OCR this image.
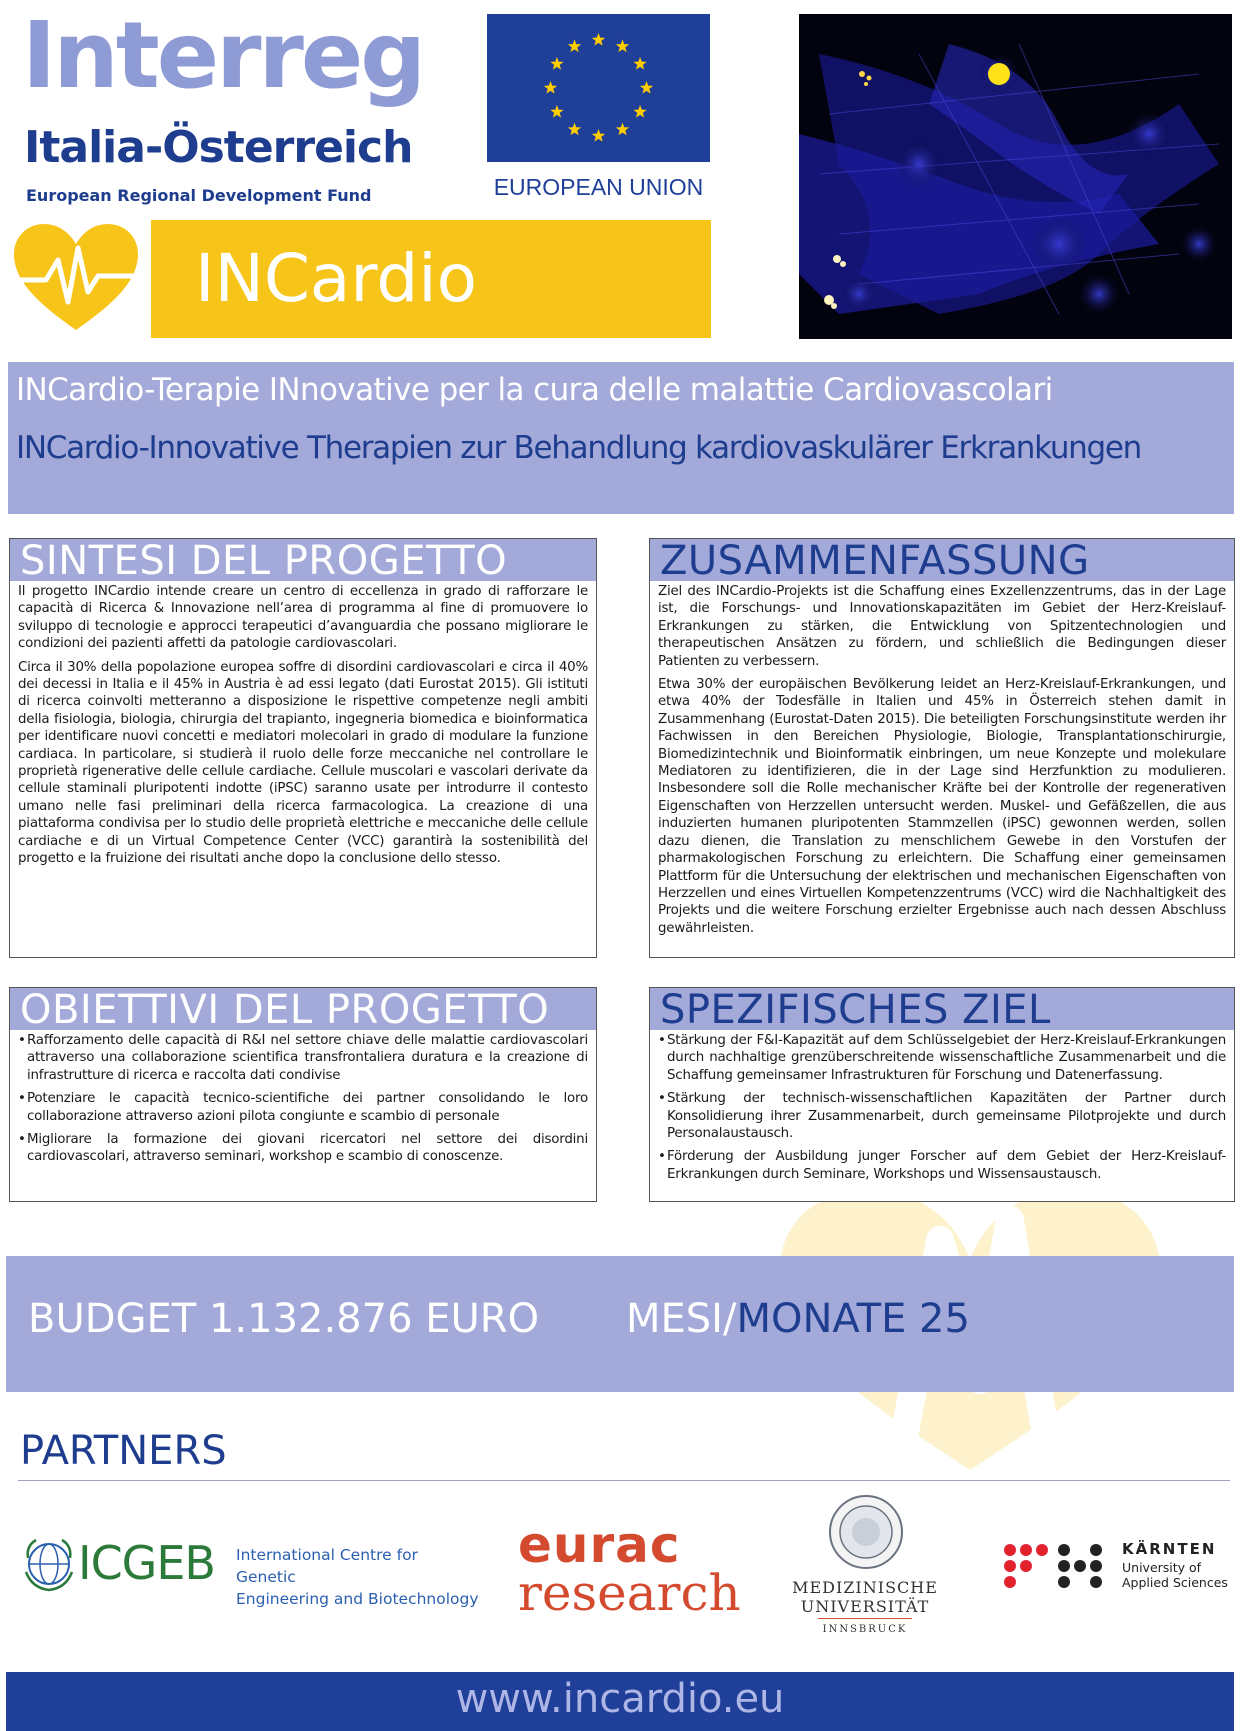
Interreg
Italia-Österreich
European Regional Development Fund	EUROPEAN UNION
INCardio
INCardio-Terapie INnovative per la cura delle malattie Cardiovascolari
INCardio-Innovative Therapien zur Behandlung kardiovaskulärer Erkrankungen
SINTESI DEL PROGETTO

Il progetto INCardio intende creare un centro di eccellenza in grado di rafforzare le capacità di Ricerca & Innovazione nell’area di programma al fine di promuovere lo sviluppo di tecnologie e approcci terapeutici d’avanguardia che possano migliorare le condizioni dei pazienti affetti da patologie cardiovascolari.

Circa il 30% della popolazione europea soffre di disordini cardiovascolari e circa il 40% dei decessi in Italia e il 45% in Austria è ad essi legato (dati Eurostat 2015). Gli istituti di ricerca coinvolti metteranno a disposizione le rispettive competenze negli ambiti della fisiologia, biologia, chirurgia del trapianto, ingegneria biomedica e bioinformatica per identificare nuovi concetti e mediatori molecolari in grado di modulare la funzione cardiaca. In particolare, si studierà il ruolo delle forze meccaniche nel controllare le proprietà rigenerative delle cellule cardiache. Cellule muscolari e vascolari derivate da cellule staminali pluripotenti indotte (iPSC) saranno usate per introdurre il contesto umano nelle fasi preliminari della ricerca farmacologica. La creazione di una piattaforma condivisa per lo studio delle proprietà elettriche e meccaniche delle cellule cardiache e di un Virtual Competence Center (VCC) garantirà la sostenibilità del progetto e la fruizione dei risultati anche dopo la conclusione dello stesso.

ZUSAMMENFASSUNG

Ziel des INCardio-Projekts ist die Schaffung eines Exzellenzzentrums, das in der Lage ist, die Forschungs- und Innovationskapazitäten im Gebiet der Herz-Kreislauf-Erkrankungen zu stärken, die Entwicklung von Spitzentechnologien und therapeutischen Ansätzen zu fördern, und schließlich die Bedingungen dieser Patienten zu verbessern.

Etwa 30% der europäischen Bevölkerung leidet an Herz-Kreislauf-Erkrankungen, und etwa 40% der Todesfälle in Italien und 45% in Österreich stehen damit in Zusammenhang (Eurostat-Daten 2015). Die beteiligten Forschungsinstitute werden ihr Fachwissen in den Bereichen Physiologie, Biologie, Transplantationschirurgie, Biomedizintechnik und Bioinformatik einbringen, um neue Konzepte und molekulare Mediatoren zu identifizieren, die in der Lage sind Herzfunktion zu modulieren. Insbesondere soll die Rolle mechanischer Kräfte bei der Kontrolle der regenerativen Eigenschaften von Herzzellen untersucht werden. Muskel- und Gefäßzellen, die aus induzierten humanen pluripotenten Stammzellen (iPSC) gewonnen werden, sollen dazu dienen, die Translation zu menschlichem Gewebe in den Vorstufen der pharmakologischen Forschung zu erleichtern. Die Schaffung einer gemeinsamen Plattform für die Untersuchung der elektrischen und mechanischen Eigenschaften von Herzzellen und eines Virtuellen Kompetenzzentrums (VCC) wird die Nachhaltigkeit des Projekts und die weitere Forschung erzielter Ergebnisse auch nach dessen Abschluss gewährleisten.

OBIETTIVI DEL PROGETTO
• Rafforzamento delle capacità di R&I nel settore chiave delle malattie cardiovascolari attraverso una collaborazione scientifica transfrontaliera duratura e la creazione di infrastrutture di ricerca e raccolta dati condivise
• Potenziare le capacità tecnico-scientifiche dei partner consolidando le loro collaborazione attraverso azioni pilota congiunte e scambio di personale
• Migliorare la formazione dei giovani ricercatori nel settore dei disordini cardiovascolari, attraverso seminari, workshop e scambio di conoscenze.
SPEZIFISCHES ZIEL
• Stärkung der F&I-Kapazität auf dem Schlüsselgebiet der Herz-Kreislauf-Erkrankungen durch nachhaltige grenzüberschreitende wissenschaftliche Zusammenarbeit und die Schaffung gemeinsamer Infrastrukturen für Forschung und Datenerfassung.
• Stärkung der technisch-wissenschaftlichen Kapazitäten der Partner durch Konsolidierung ihrer Zusammenarbeit, durch gemeinsame Pilotprojekte und durch Personalaustausch.
• Förderung der Ausbildung junger Forscher auf dem Gebiet der Herz-Kreislauf-Erkrankungen durch Seminare, Workshops und Wissensaustausch.
BUDGET 1.132.876 EURO MESI/MONATE 25
PARTNERS
ICGEB International Centre for Genetic
Engineering and Biotechnology
eurac
research	MEDIZINISCHE
UNIVERSITÄT
INNSBRUCK
KÄRNTEN
University of
Applied Sciences
www.incardio.eu
